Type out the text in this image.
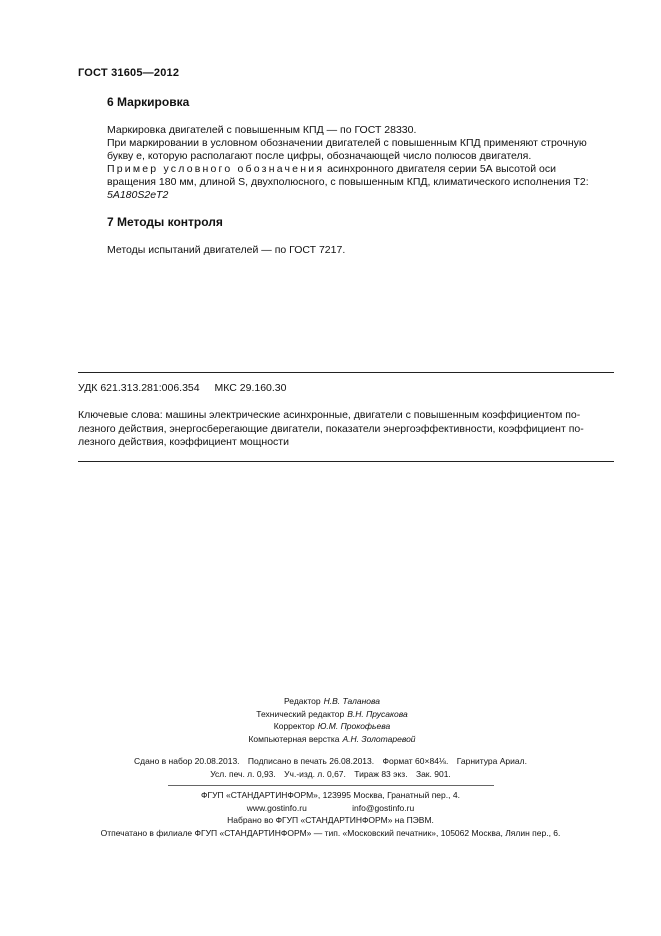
ГОСТ 31605—2012
6 Маркировка

Маркировка двигателей с повышенным КПД — по ГОСТ 28330.

При маркировании в условном обозначении двигателей с повышенным КПД применяют строчную

букву е, которую располагают после цифры, обозначающей число полюсов двигателя.

Пример условного обозначения асинхронного двигателя серии 5А высотой оси

вращения 180 мм, длиной S, двухполюсного, с повышенным КПД, климатического исполнения Т2:

5А180S2еТ2

7 Методы контроля

Методы испытаний двигателей — по ГОСТ 7217.

УДК 621.313.281:006.354 МКС 29.160.30

Ключевые слова: машины электрические асинхронные, двигатели с повышенным коэффициентом по-

лезного действия, энергосберегающие двигатели, показатели энергоэффективности, коэффициент по-

лезного действия, коэффициент мощности

Редактор Н.В. Таланова
Технический редактор В.Н. Прусакова
Корректор Ю.М. Прокофьева
Компьютерная верстка А.Н. Золотаревой
Сдано в набор 20.08.2013. Подписано в печать 26.08.2013. Формат 60×84⅛. Гарнитура Ариал.
Усл. печ. л. 0,93. Уч.-изд. л. 0,67. Тираж 83 экз. Зак. 901.
ФГУП «СТАНДАРТИНФОРМ», 123995 Москва, Гранатный пер., 4.
www.gostinfo.ru	info@gostinfo.ru
Набрано во ФГУП «СТАНДАРТИНФОРМ» на ПЭВМ.
Отпечатано в филиале ФГУП «СТАНДАРТИНФОРМ» — тип. «Московский печатник», 105062 Москва, Лялин пер., 6.
